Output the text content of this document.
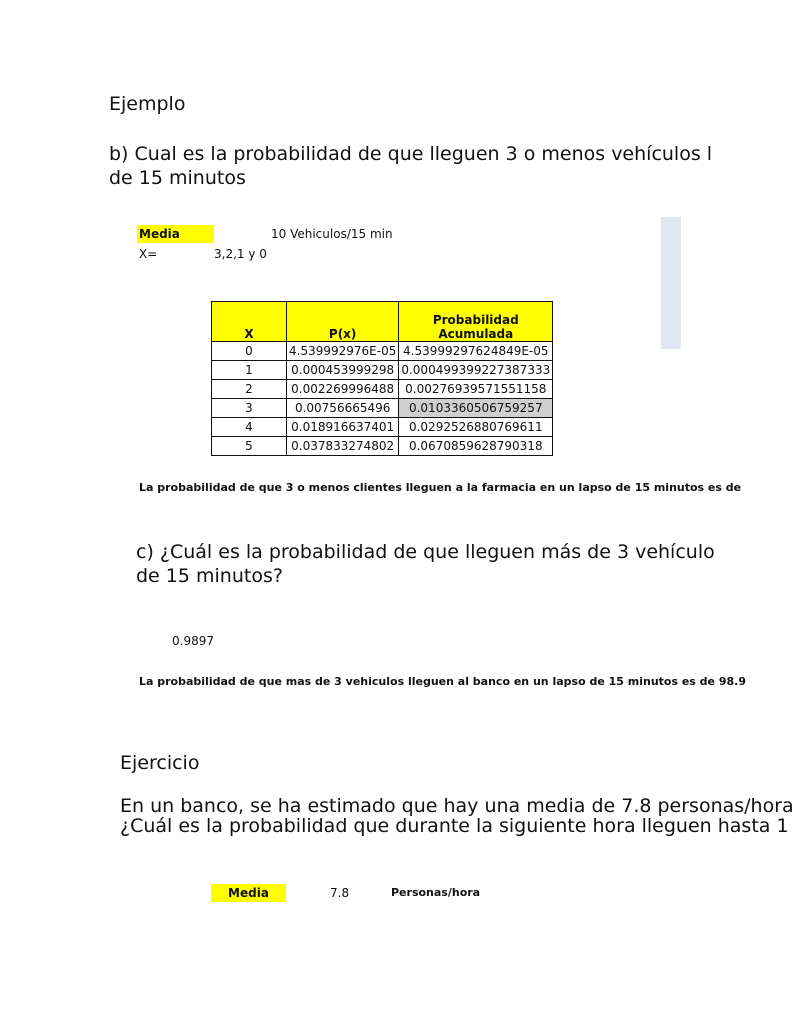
Ejemplo
b) Cual es la probabilidad de que lleguen 3 o menos vehículos l
de 15 minutos
Media	10 Vehiculos/15 min
X=	3,2,1 y 0
X	P(x)	Probabilidad
Acumulada
0	4.539992976E-05	4.53999297624849E-05
1	0.000453999298	0.000499399227387333
2	0.002269996488	0.00276939571551158
3	0.00756665496	0.0103360506759257
4	0.018916637401	0.0292526880769611
5	0.037833274802	0.0670859628790318
La probabilidad de que 3 o menos clientes lleguen a la farmacia en un lapso de 15 minutos es de
c) ¿Cuál es la probabilidad de que lleguen más de 3 vehículo
de 15 minutos?
0.9897
La probabilidad de que mas de 3 vehiculos lleguen al banco en un lapso de 15 minutos es de 98.9
Ejercicio
En un banco, se ha estimado que hay una media de 7.8 personas/hora
¿Cuál es la probabilidad que durante la siguiente hora lleguen hasta 1
Media	7.8	Personas/hora
